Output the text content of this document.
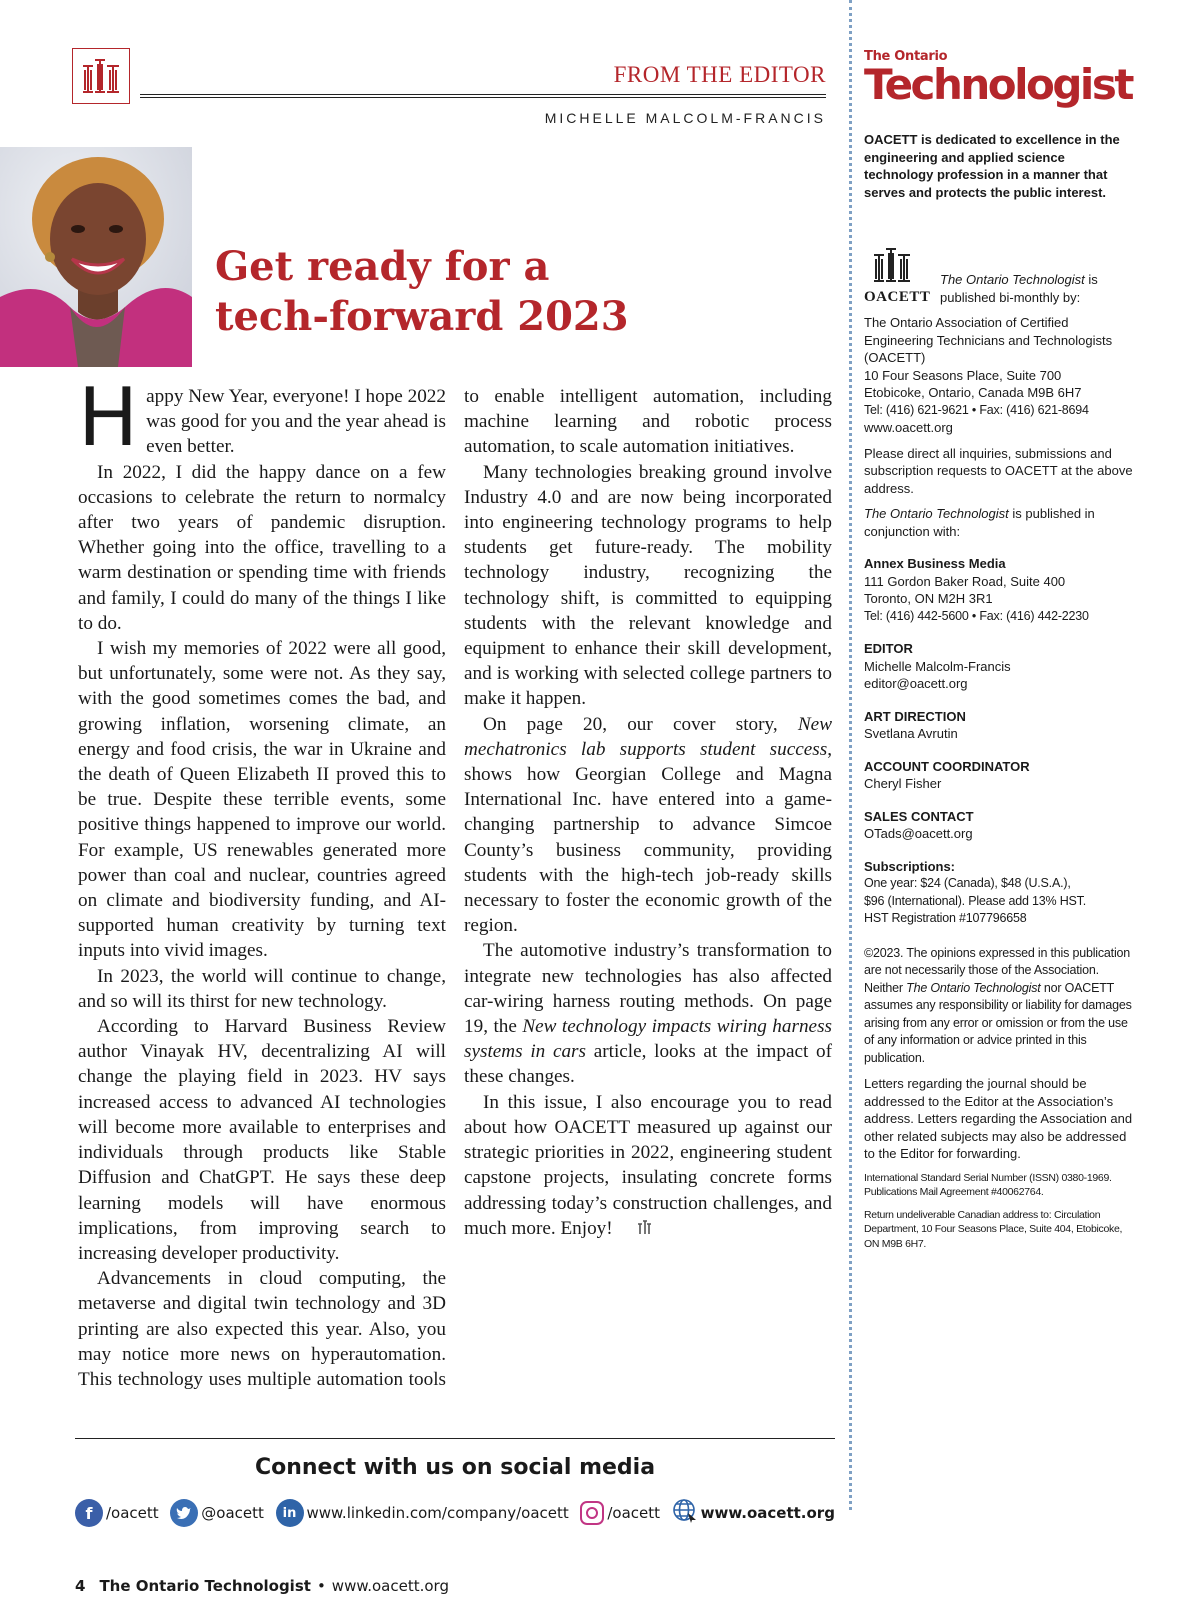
FROM THE EDITOR
MICHELLE MALCOLM-FRANCIS
Get ready for a
tech-forward 2023

Happy New Year, everyone! I hope 2022 was good for you and the year ahead is even better.

In 2022, I did the happy dance on a few occasions to celebrate the return to normalcy after two years of pandemic disruption. Whether going into the office, travelling to a warm destination or spending time with friends and family, I could do many of the things I like to do.

I wish my memories of 2022 were all good, but unfortunately, some were not. As they say, with the good sometimes comes the bad, and growing inflation, worsening climate, an energy and food crisis, the war in Ukraine and the death of Queen Elizabeth II proved this to be true. Despite these terrible events, some positive things happened to improve our world. For example, US renewables generated more power than coal and nuclear, countries agreed on climate and biodiversity funding, and AI-supported human creativity by turning text inputs into vivid images.

In 2023, the world will continue to change, and so will its thirst for new technology.

According to Harvard Business Review author Vinayak HV, decentralizing AI will change the playing field in 2023. HV says increased access to advanced AI technologies will become more available to enterprises and individuals through products like Stable Diffusion and ChatGPT. He says these deep learning models will have enormous implications, from improving search to increasing developer productivity.

Advancements in cloud computing, the metaverse and digital twin technology and 3D printing are also expected this year. Also, you may notice more news on hyperautomation. This technology uses multiple automation tools to enable intelligent automation, including machine learning and robotic process automation, to scale automation initiatives.

Many technologies breaking ground involve Industry 4.0 and are now being incorporated into engineering technology programs to help students get future-ready. The mobility technology industry, recognizing the technology shift, is committed to equipping students with the relevant knowledge and equipment to enhance their skill development, and is working with selected college partners to make it happen.

On page 20, our cover story, New mechatronics lab supports student success, shows how Georgian College and Magna International Inc. have entered into a game-changing partnership to advance Simcoe County’s business community, providing students with the high-tech job-ready skills necessary to foster the economic growth of the region.

The automotive industry’s transformation to integrate new technologies has also affected car-wiring harness routing methods. On page 19, the New technology impacts wiring harness systems in cars article, looks at the impact of these changes.

In this issue, I also encourage you to read about how OACETT measured up against our strategic priorities in 2022, engineering student capstone projects, insulating concrete forms addressing today’s construction challenges, and much more. Enjoy!

Connect with us on social media
f /oacett	@oacett	in www.linkedin.com/company/oacett	/oacett	www.oacett.org
4 The Ontario Technologist • www.oacett.org
The Ontario
Technologist
OACETT is dedicated to excellence in the engineering and applied science technology profession in a manner that serves and protects the public interest.
OACETT
The Ontario Technologist is published bi-monthly by:
The Ontario Association of Certified Engineering Technicians and Technologists (OACETT)
10 Four Seasons Place, Suite 700
Etobicoke, Ontario, Canada M9B 6H7
Tel: (416) 621-9621 • Fax: (416) 621-8694
www.oacett.org
Please direct all inquiries, submissions and subscription requests to OACETT at the above address.
The Ontario Technologist is published in conjunction with:
Annex Business Media
111 Gordon Baker Road, Suite 400
Toronto, ON M2H 3R1
Tel: (416) 442-5600 • Fax: (416) 442-2230
EDITOR
Michelle Malcolm-Francis
editor@oacett.org
ART DIRECTION
Svetlana Avrutin
ACCOUNT COORDINATOR
Cheryl Fisher
SALES CONTACT
OTads@oacett.org
Subscriptions:
One year: $24 (Canada), $48 (U.S.A.),
$96 (International). Please add 13% HST.
HST Registration #107796658
©2023. The opinions expressed in this publication are not necessarily those of the Association. Neither The Ontario Technologist nor OACETT assumes any responsibility or liability for damages arising from any error or omission or from the use of any information or advice printed in this publication.
Letters regarding the journal should be addressed to the Editor at the Association’s address. Letters regarding the Association and other related subjects may also be addressed to the Editor for forwarding.
International Standard Serial Number (ISSN) 0380-1969. Publications Mail Agreement #40062764.
Return undeliverable Canadian address to: Circulation Department, 10 Four Seasons Place, Suite 404, Etobicoke, ON M9B 6H7.
